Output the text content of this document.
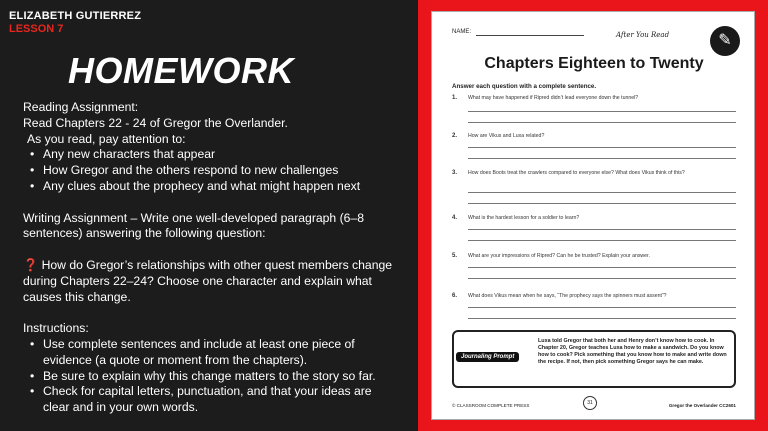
ELIZABETH GUTIERREZ
LESSON 7
HOMEWORK

Reading Assignment:

Read Chapters 22 - 24 of Gregor the Overlander.

As you read, pay attention to:

• Any new characters that appear
• How Gregor and the others respond to new challenges
• Any clues about the prophecy and what might happen next

Writing Assignment – Write one well-developed paragraph (6–8

sentences) answering the following question:

❓ How do Gregor’s relationships with other quest members change

during Chapters 22–24? Choose one character and explain what

causes this change.

Instructions:

• Use complete sentences and include at least one piece of
evidence (a quote or moment from the chapters).
• Be sure to explain why this change matters to the story so far.
• Check for capital letters, punctuation, and that your ideas are
clear and in your own words.
NAME:	After You Read	✎
Chapters Eighteen to Twenty
Answer each question with a complete sentence.
1. What may have happened if Ripred didn’t lead everyone down the tunnel?
2. How are Vikus and Luxa related?
3. How does Boots treat the crawlers compared to everyone else? What does Vikus think of this?
4. What is the hardest lesson for a soldier to learn?
5. What are your impressions of Ripred? Can he be trusted? Explain your answer.
6. What does Vikus mean when he says, “The prophecy says the spinners must assent”?
Journaling Prompt
Luxa told Gregor that both her and Henry don’t know how to cook. In Chapter 20, Gregor teaches Luxa how to make a sandwich. Do you know how to cook? Pick something that you know how to make and write down the recipe. If not, then pick something Gregor says he can make.
© CLASSROOM COMPLETE PRESS	31	Gregor the Overlander CC2601
